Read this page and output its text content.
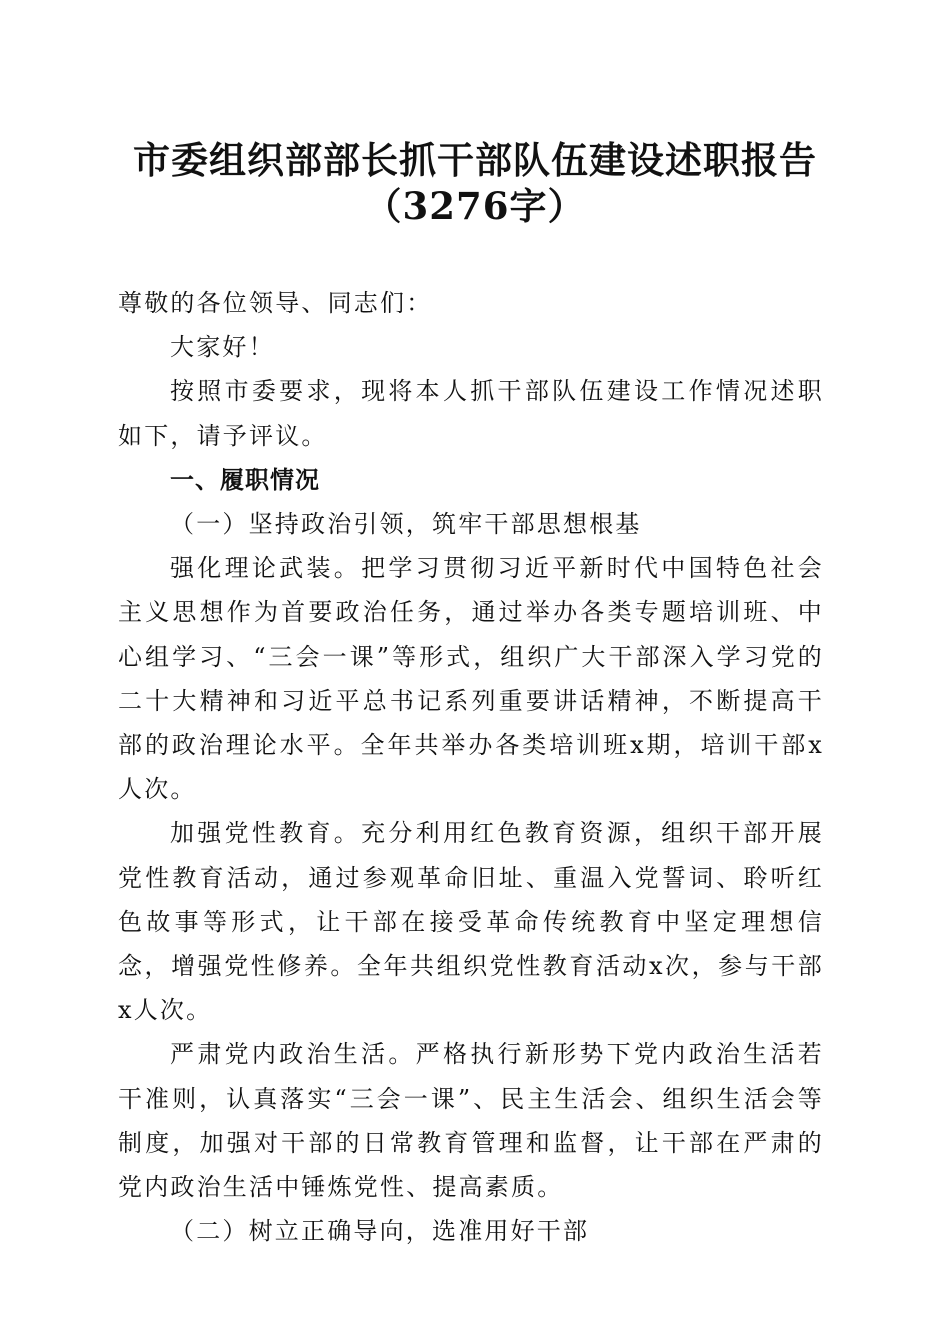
市委组织部部长抓干部队伍建设述职报告
（3276字）

尊敬的各位领导、同志们：

大家好！

按照市委要求，现将本人抓干部队伍建设工作情况述职如下，请予评议。

一、履职情况

（一）坚持政治引领，筑牢干部思想根基

强化理论武装。把学习贯彻习近平新时代中国特色社会主义思想作为首要政治任务，通过举办各类专题培训班、中心组学习、“三会一课”等形式，组织广大干部深入学习党的二十大精神和习近平总书记系列重要讲话精神，不断提高干部的政治理论水平。全年共举办各类培训班x期，培训干部x人次。

加强党性教育。充分利用红色教育资源，组织干部开展党性教育活动，通过参观革命旧址、重温入党誓词、聆听红色故事等形式，让干部在接受革命传统教育中坚定理想信念，增强党性修养。全年共组织党性教育活动x次，参与干部x人次。

严肃党内政治生活。严格执行新形势下党内政治生活若干准则，认真落实“三会一课”、民主生活会、组织生活会等制度，加强对干部的日常教育管理和监督，让干部在严肃的党内政治生活中锤炼党性、提高素质。

（二）树立正确导向，选准用好干部
